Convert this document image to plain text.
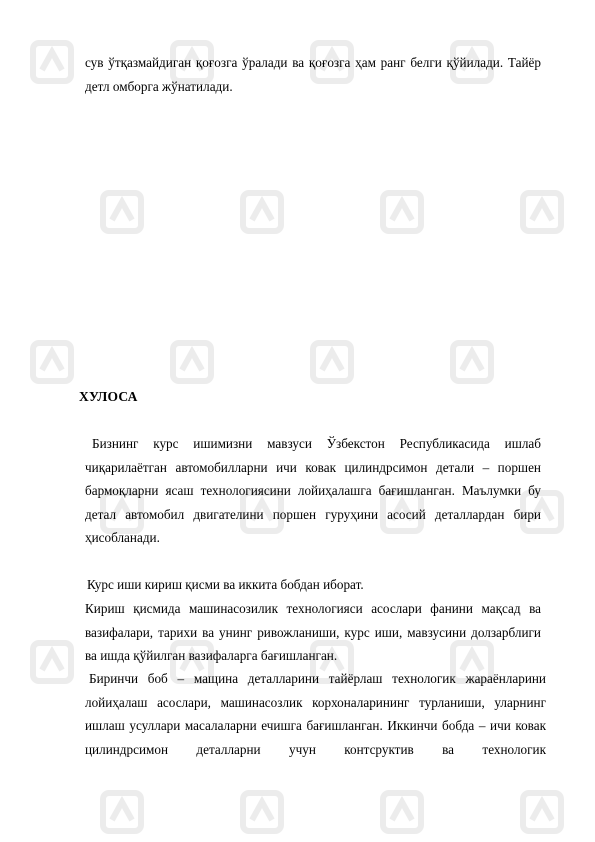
сув ўтқазмайдиган қоғозга ўралади ва қоғозга ҳам ранг белги қўйилади. Тайёр детл омборга жўнатилади.

ХУЛОСА

Бизнинг курс ишимизни мавзуси Ўзбекстон Республикасида ишлаб чиқарилаётган автомобилларни ичи ковак цилиндрсимон детали – поршен бармоқларни ясаш технологиясини лойиҳалашга бағишланган. Маълумки бу детал автомобил двигателини поршен гуруҳини асосий деталлардан бири ҳисобланади.

Курс иши кириш қисми ва иккита бобдан иборат.

Кириш қисмида машинасозилик технологияси асослари фанини мақсад ва вазифалари, тарихи ва унинг ривожланиши, курс иши, мавзусини долзарблиги ва ишда қўйилган вазифаларга бағишланган.

Биринчи боб – мащина деталларини тайёрлаш технологик жараёнларини лойиҳалаш асослари, машинасозлик корхоналарининг турланиши, уларнинг ишлаш усуллари масалаларни ечишга бағишланган. Иккинчи бобда – ичи ковак цилиндрсимон деталларни учун контсруктив ва технологик
